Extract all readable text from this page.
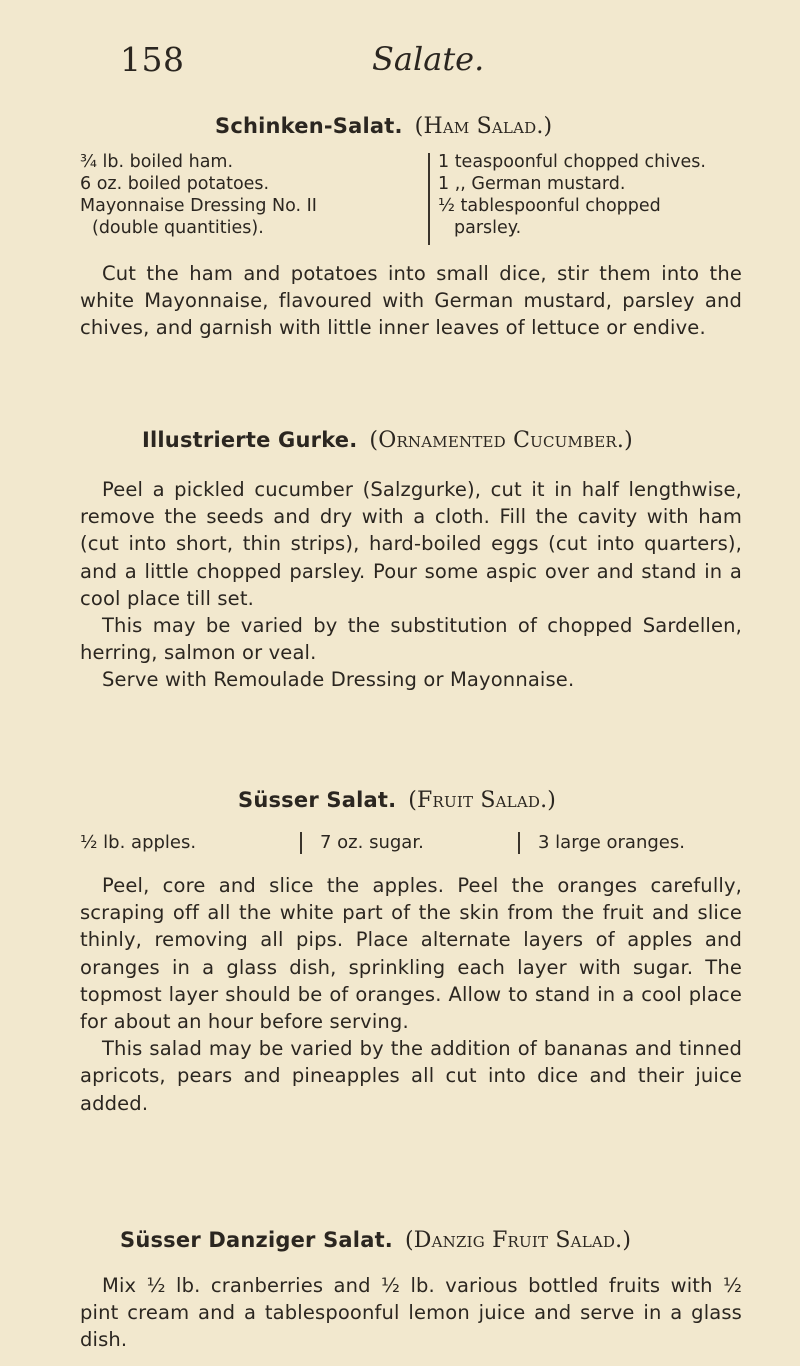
158	Salate.
Schinken-Salat. (Ham Salad.)
¾ lb. boiled ham.
6 oz. boiled potatoes.
Mayonnaise Dressing No. II
(double quantities).
1 teaspoonful chopped chives.
1 ,, German mustard.
½ tablespoonful chopped
parsley.

Cut the ham and potatoes into small dice, stir them into the white Mayonnaise, flavoured with German mustard, parsley and chives, and garnish with little inner leaves of lettuce or endive.

Illustrierte Gurke. (Ornamented Cucumber.)

Peel a pickled cucumber (Salzgurke), cut it in half lengthwise, remove the seeds and dry with a cloth. Fill the cavity with ham (cut into short, thin strips), hard-boiled eggs (cut into quarters), and a little chopped parsley. Pour some aspic over and stand in a cool place till set.

This may be varied by the substitution of chopped Sardellen, herring, salmon or veal.

Serve with Remoulade Dressing or Mayonnaise.

Süsser Salat. (Fruit Salad.)
½ lb. apples.	7 oz. sugar.	3 large oranges.

Peel, core and slice the apples. Peel the oranges carefully, scraping off all the white part of the skin from the fruit and slice thinly, removing all pips. Place alternate layers of apples and oranges in a glass dish, sprinkling each layer with sugar. The topmost layer should be of oranges. Allow to stand in a cool place for about an hour before serving.

This salad may be varied by the addition of bananas and tinned apricots, pears and pineapples all cut into dice and their juice added.

Süsser Danziger Salat. (Danzig Fruit Salad.)

Mix ½ lb. cranberries and ½ lb. various bottled fruits with ½ pint cream and a tablespoonful lemon juice and serve in a glass dish.
